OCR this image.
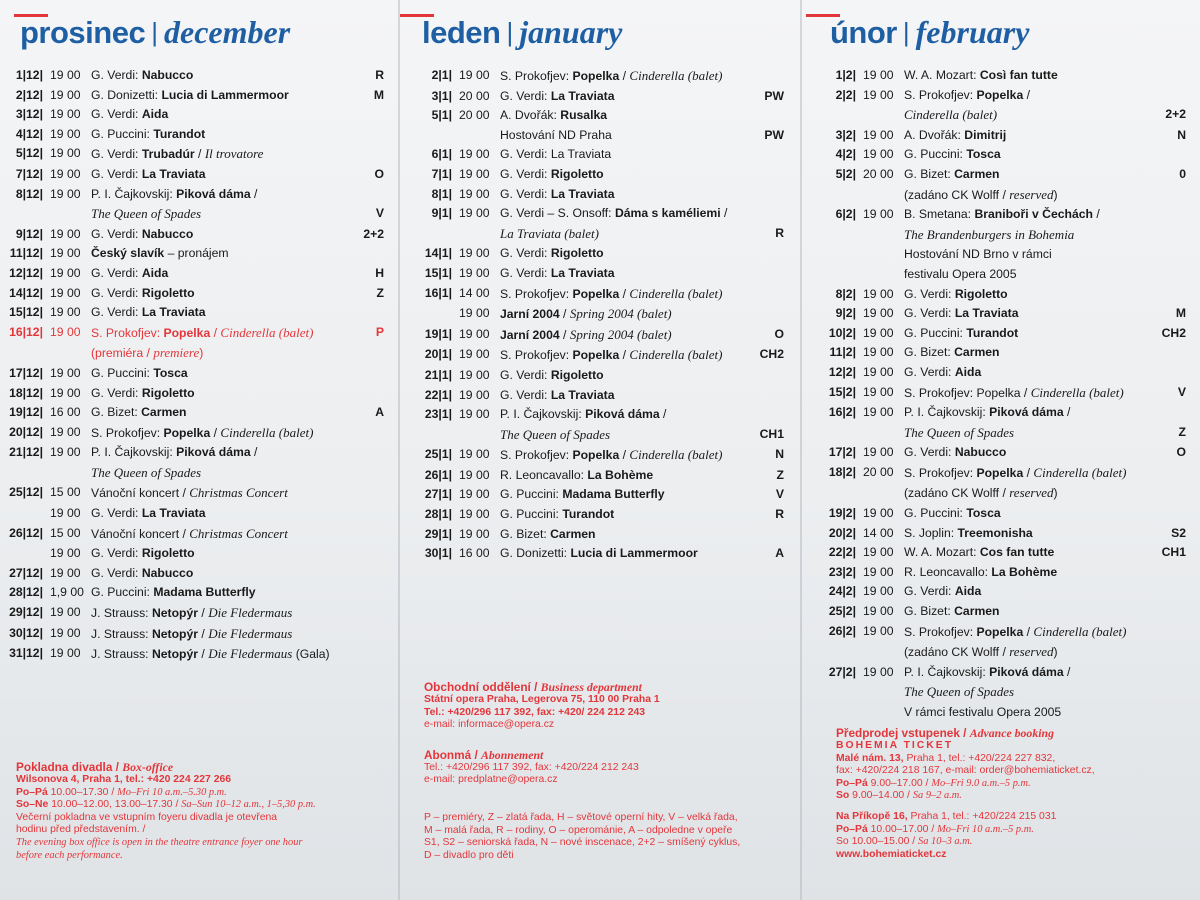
prosinec | december
1|12| 19 00 G. Verdi: Nabucco	R
2|12| 19 00 G. Donizetti: Lucia di Lammermoor	M
3|12| 19 00 G. Verdi: Aida
4|12| 19 00 G. Puccini: Turandot
5|12| 19 00 G. Verdi: Trubadúr / Il trovatore
7|12| 19 00 G. Verdi: La Traviata	O
8|12| 19 00 P. I. Čajkovskij: Piková dáma /
The Queen of Spades	V
9|12| 19 00 G. Verdi: Nabucco	2+2
11|12| 19 00 Český slavík – pronájem
12|12| 19 00 G. Verdi: Aida	H
14|12| 19 00 G. Verdi: Rigoletto	Z
15|12| 19 00 G. Verdi: La Traviata
16|12| 19 00 S. Prokofjev: Popelka / Cinderella (balet)	P
(premiéra / premiere)
17|12| 19 00 G. Puccini: Tosca
18|12| 19 00 G. Verdi: Rigoletto
19|12| 16 00 G. Bizet: Carmen	A
20|12| 19 00 S. Prokofjev: Popelka / Cinderella (balet)
21|12| 19 00 P. I. Čajkovskij: Piková dáma /
The Queen of Spades
25|12| 15 00 Vánoční koncert / Christmas Concert
19 00 G. Verdi: La Traviata
26|12| 15 00 Vánoční koncert / Christmas Concert
19 00 G. Verdi: Rigoletto
27|12| 19 00 G. Verdi: Nabucco
28|12| 1,9 00 G. Puccini: Madama Butterfly
29|12| 19 00 J. Strauss: Netopýr / Die Fledermaus
30|12| 19 00 J. Strauss: Netopýr / Die Fledermaus
31|12| 19 00 J. Strauss: Netopýr / Die Fledermaus (Gala)
Pokladna divadla / Box-office
Wilsonova 4, Praha 1, tel.: +420 224 227 266
Po–Pá 10.00–17.30 / Mo–Fri 10 a.m.–5.30 p.m.
So–Ne 10.00–12.00, 13.00–17.30 / Sa–Sun 10–12 a.m., 1–5,30 p.m.
Večerní pokladna ve vstupním foyeru divadla je otevřena
hodinu před představením. /
The evening box office is open in the theatre entrance foyer one hour
before each performance.
leden | january
2|1| 19 00 S. Prokofjev: Popelka / Cinderella (balet)
3|1| 20 00 G. Verdi: La Traviata	PW
5|1| 20 00 A. Dvořák: Rusalka
Hostování ND Praha	PW
6|1| 19 00 G. Verdi: La Traviata
7|1| 19 00 G. Verdi: Rigoletto
8|1| 19 00 G. Verdi: La Traviata
9|1| 19 00 G. Verdi – S. Onsoff: Dáma s kaméliemi /
La Traviata (balet)	R
14|1| 19 00 G. Verdi: Rigoletto
15|1| 19 00 G. Verdi: La Traviata
16|1| 14 00 S. Prokofjev: Popelka / Cinderella (balet)
19 00 Jarní 2004 / Spring 2004 (balet)
19|1| 19 00 Jarní 2004 / Spring 2004 (balet)	O
20|1| 19 00 S. Prokofjev: Popelka / Cinderella (balet)	CH2
21|1| 19 00 G. Verdi: Rigoletto
22|1| 19 00 G. Verdi: La Traviata
23|1| 19 00 P. I. Čajkovskij: Piková dáma /
The Queen of Spades	CH1
25|1| 19 00 S. Prokofjev: Popelka / Cinderella (balet)	N
26|1| 19 00 R. Leoncavallo: La Bohème	Z
27|1| 19 00 G. Puccini: Madama Butterfly	V
28|1| 19 00 G. Puccini: Turandot	R
29|1| 19 00 G. Bizet: Carmen
30|1| 16 00 G. Donizetti: Lucia di Lammermoor	A
Obchodní oddělení / Business department
Státní opera Praha, Legerova 75, 110 00 Praha 1
Tel.: +420/296 117 392, fax: +420/ 224 212 243
e-mail: informace@opera.cz
Abonmá / Abonnement
Tel.: +420/296 117 392, fax: +420/224 212 243
e-mail: predplatne@opera.cz
P – premiéry, Z – zlatá řada, H – světové operní hity, V – velká řada,
M – malá řada, R – rodiny, O – operománie, A – odpoledne v opeře
S1, S2 – seniorská řada, N – nové inscenace, 2+2 – smíšený cyklus,
D – divadlo pro děti
únor | february
1|2| 19 00 W. A. Mozart: Così fan tutte
2|2| 19 00 S. Prokofjev: Popelka /
Cinderella (balet)	2+2
3|2| 19 00 A. Dvořák: Dimitrij	N
4|2| 19 00 G. Puccini: Tosca
5|2| 20 00 G. Bizet: Carmen	0
(zadáno CK Wolff / reserved)
6|2| 19 00 B. Smetana: Braniboři v Čechách /
The Brandenburgers in Bohemia
Hostování ND Brno v rámci
festivalu Opera 2005
8|2| 19 00 G. Verdi: Rigoletto
9|2| 19 00 G. Verdi: La Traviata	M
10|2| 19 00 G. Puccini: Turandot	CH2
11|2| 19 00 G. Bizet: Carmen
12|2| 19 00 G. Verdi: Aida
15|2| 19 00 S. Prokofjev: Popelka / Cinderella (balet)	V
16|2| 19 00 P. I. Čajkovskij: Piková dáma /
The Queen of Spades	Z
17|2| 19 00 G. Verdi: Nabucco	O
18|2| 20 00 S. Prokofjev: Popelka / Cinderella (balet)
(zadáno CK Wolff / reserved)
19|2| 19 00 G. Puccini: Tosca
20|2| 14 00 S. Joplin: Treemonisha	S2
22|2| 19 00 W. A. Mozart: Cos fan tutte	CH1
23|2| 19 00 R. Leoncavallo: La Bohème
24|2| 19 00 G. Verdi: Aida
25|2| 19 00 G. Bizet: Carmen
26|2| 19 00 S. Prokofjev: Popelka / Cinderella (balet)
(zadáno CK Wolff / reserved)
27|2| 19 00 P. I. Čajkovskij: Piková dáma /
The Queen of Spades
V rámci festivalu Opera 2005
Předprodej vstupenek / Advance booking
BOHEMIA TICKET
Malé nám. 13, Praha 1, tel.: +420/224 227 832,
fax: +420/224 218 167, e-mail: order@bohemiaticket.cz,
Po–Pá 9.00–17.00 / Mo–Fri 9.0 a.m.–5 p.m.
So 9.00–14.00 / Sa 9–2 a.m.
Na Příkopě 16, Praha 1, tel.: +420/224 215 031
Po–Pá 10.00–17.00 / Mo–Fri 10 a.m.–5 p.m.
So 10.00–15.00 / Sa 10–3 a.m.
www.bohemiaticket.cz
